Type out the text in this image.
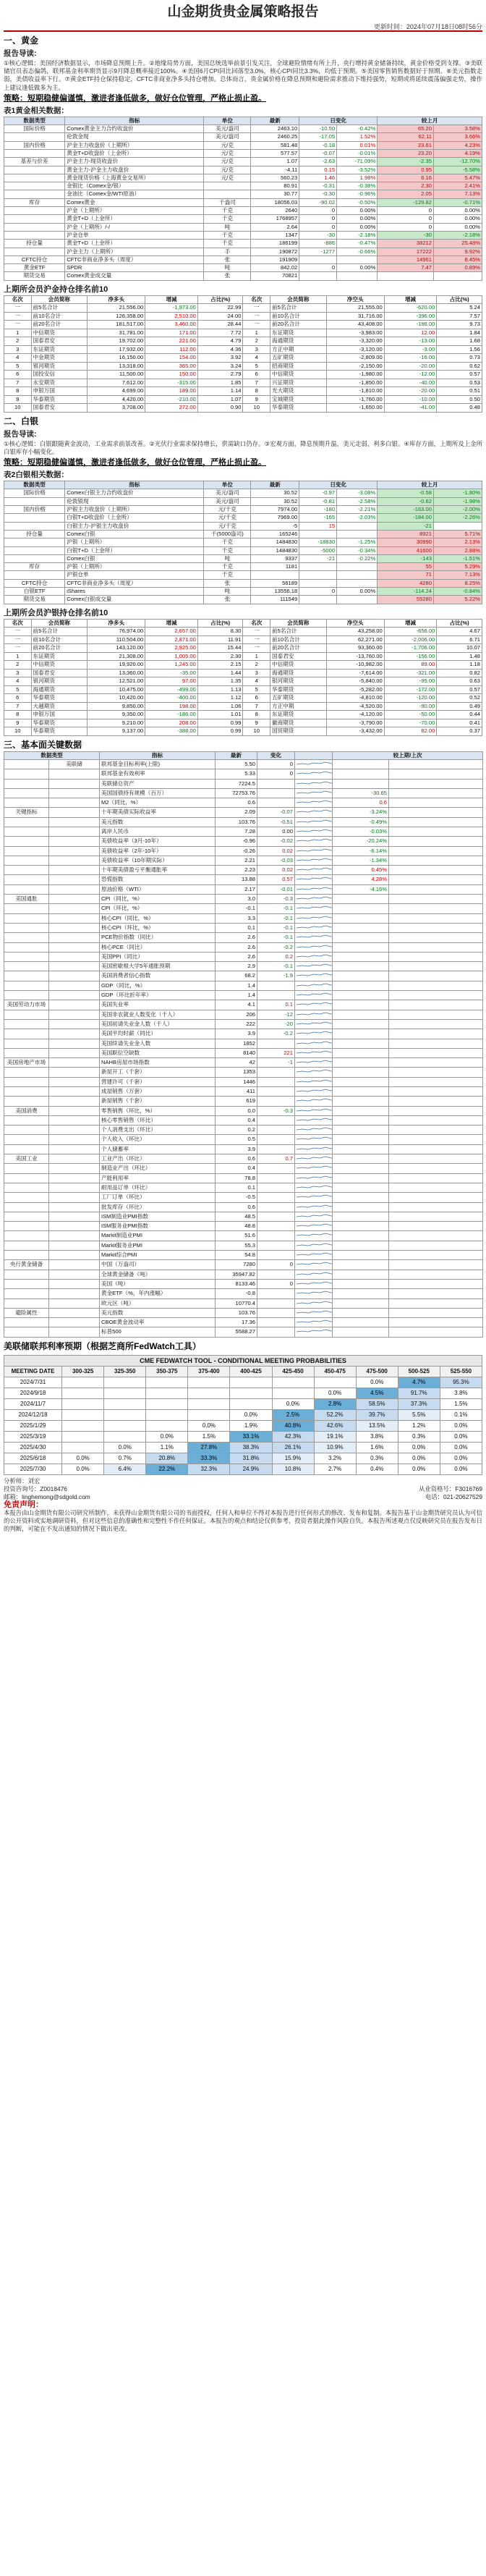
山金期货贵金属策略报告
更新时间：2024年07月18日08时56分
一、黄金
报告导读:

①核心逻辑：美国经济数据显示，市场降息预期上升。②地缘局势方面，美国总统选举前景引发关注，全球避险情绪有所上升，央行增持黄金储备持续，黄金价格受到支撑。③美联储官员表态偏鸽，联邦基金利率期货显示9月降息概率接近100%。④美国6月CPI同比回落至3.0%，核心CPI同比3.3%，均低于预期。⑤美国零售销售数据好于预期。⑥美元指数走弱，美债收益率下行。⑦黄金ETF持仓保持稳定，CFTC非商业净多头持仓增加。总体而言，贵金属价格在降息预期和避险需求推动下维持强势，短期或将延续震荡偏强走势，操作上建议逢低做多为主。

策略：短期稳健偏谨慎，激进者逢低做多，做好仓位管理，严格止损止盈。
表1黄金相关数据：
数据类型	指标	单位	最新	日变化		较上月	
国际价格	Comex黄金主力合约收盘价	美元/盎司	2463.10	-10.50	-0.42%	65.20	3.58%
	伦敦金现	美元/盎司	2460.25	-17.05	1.52%	62.11	3.66%
国内价格	沪金主力收盘价（上期所）	元/克	581.48	-0.18	0.01%	23.61	4.23%
	黄金T+D收盘价（上金所）	元/克	577.57	-0.07	-0.01%	23.20	4.19%
基差与价差	沪金主力-现货收盘价	元/克	1.07	-2.63	-71.09%	-2.35	-12.70%
	黄金主力-沪金主力收盘价	元/克	-4.11	0.15	-3.52%	0.95	-5.58%
	黄金现货价格（上海黄金交易所）	元/克	560.23	1.46	1.98%	6.16	5.47%
	金银比（Comex金/银）		80.91	-0.31	-0.38%	2.30	2.41%
	金油比（Comex金/WTI原油）		30.77	-0.30	-0.96%	2.05	7.13%
库存	Comex黄金	千盎司	18056.03	-90.02	-0.50%	-129.82	-0.71%
	沪金（上期所）	千克	2640	0	0.00%	0	0.00%
	黄金T+D（上金所）	千克	1768957	0	0.00%	0	0.00%
	沪金（上期所）/-/	吨	2.64	0	0.00%	0	0.00%
	沪金仓单	千克	1347	-30	-2.18%	-30	-2.18%
持仓量	黄金T+D（上金所）	千克	186199	-886	-0.47%	38212	25.48%
	沪金主力（上期所）	手	190872	-1277	-0.66%	17222	9.92%
CFTC持仓	CFTC非商业净多头（周度）	张	191909			14961	8.45%
黄金ETF	SPDR	吨	842.02	0	0.00%	7.47	0.89%
期货交易	Comex黄金成交量	张	70821				
上期所会员沪金持仓排名前10
名次	会员简称	净多头	增减	占比(%)	名次	会员简称	净空头	增减	占比(%)
一	前5名合计	21,556.00	-1,973.00	22.99	一	前5名合计	21,555.00	-620.00	5.24
一	前10名合计	126,358.00	2,510.00	24.00	一	前10名合计	31,716.00	-396.00	7.57
一	前20名合计	181,517.00	3,460.00	28.44	一	前20名合计	43,408.00	-196.00	9.73
1	中信期货	31,781.00	171.00	7.72	1	东证期货	-3,983.00	12.00	1.84
2	国泰君安	19,702.00	221.00	4.79	2	海通期货	-3,320.00	-13.00	1.68
3	东证期货	17,932.00	112.00	4.36	3	方正中期	-3,120.00	-3.00	1.56
4	中金期货	16,150.00	154.00	3.92	4	五矿期货	-2,809.00	-16.00	0.73
5	银河期货	13,318.00	365.00	3.24	5	招商期货	-2,150.00	-20.00	0.62
6	国投安信	11,500.00	150.00	2.79	6	中信期货	-1,980.00	-12.00	0.57
7	永安期货	7,612.00	-315.00	1.85	7	兴证期货	-1,850.00	-40.00	0.53
8	申银万国	4,699.00	189.00	1.14	8	光大期货	-1,810.00	-20.00	0.51
9	华泰期货	4,420.00	-210.00	1.07	9	宝城期货	-1,760.00	-10.00	0.50
10	国泰君安	3,708.00	272.00	0.90	10	华泰期货	-1,650.00	-41.00	0.48
二、白银
报告导读:

①核心逻辑：白银跟随黄金波动，工业需求前景改善。②光伏行业需求保持增长，供需缺口仍存。③宏观方面，降息预期升温，美元走弱，利多白银。④库存方面，上期所及上金所白银库存小幅变化。

策略：短期稳健偏谨慎，激进者逢低做多，做好仓位管理，严格止损止盈。
表2白银相关数据：
数据类型	指标	单位	最新	日变化		较上月	
国际价格	Comex白银主力合约收盘价	美元/盎司	30.52	-0.97	-3.08%	-0.58	-1.80%
	伦敦银现	美元/盎司	30.52	-0.81	-2.58%	-0.62	-1.98%
国内价格	沪银主力收盘价（上期所）	元/千克	7974.00	-180	-2.21%	-163.00	-2.00%
	白银T+D收盘价（上金所）	元/千克	7969.00	-165	-2.03%	-184.00	-2.26%
	白银主力-沪银主力收盘价	元/千克	-5	15		-21	
持仓量	Comex白银	千(5000盎司)	165246			8921	5.71%
	沪银（上期所）	千克	1484830	-18830	-1.25%	30990	2.13%
	白银T+D（上金所）	千克	1484830	-5000	-0.34%	41600	2.88%
	Comex白银	吨	9337	-21	-0.22%	-143	-1.51%
库存	沪银（上期所）	千克	1181			55	5.29%
	沪银仓单	千克				71	7.13%
CFTC持仓	CFTC非商业净多头（周度）	张	56189			4280	8.25%
白银ETF	iShares	吨	13556.18	0	0.00%	-114.24	-0.84%
期货交易	Comex白银成交量	张	111549			55280	5.22%
上期所会员沪银持仓排名前10
名次	会员简称	净多头	增减	占比(%)	名次	会员简称	净空头	增减	占比(%)
一	前5名合计	76,974.00	2,657.00	8.30	一	前5名合计	43,258.00	-656.00	4.67
一	前10名合计	110,504.00	2,871.00	11.91	一	前10名合计	62,271.00	-2,006.00	6.71
一	前20名合计	143,120.00	2,925.00	15.44	一	前20名合计	93,360.00	-1,706.00	10.07
1	东证期货	21,308.00	1,005.00	2.30	1	国泰君安	-13,760.00	-156.00	1.48
2	中信期货	19,920.00	1,245.00	2.15	2	中信期货	-10,982.00	89.00	1.18
3	国泰君安	13,360.00	-35.00	1.44	3	海通期货	-7,614.00	-321.00	0.82
4	银河期货	12,521.00	97.00	1.35	4	银河期货	-5,840.00	-95.00	0.63
5	海通期货	10,475.00	-499.00	1.13	5	华泰期货	-5,282.00	-172.00	0.57
6	华泰期货	10,420.00	-400.00	1.12	6	五矿期货	-4,810.00	-120.00	0.52
7	大越期货	9,850.00	198.00	1.06	7	方正中期	-4,520.00	-90.00	0.49
8	申银万国	9,350.00	-186.00	1.01	8	东证期货	-4,120.00	-50.00	0.44
9	华泰期货	9,210.00	208.00	0.99	9	徽商期货	-3,790.00	-70.00	0.41
10	华泰期货	9,137.00	-388.00	0.99	10	国贸期货	-3,432.00	82.00	0.37
三、基本面关键数据
数据类型		指标	最新	变化		较上期/上次	
	美联储	联邦基金目标利率(上限)	5.50	0			
		联邦基金有效利率	5.33	0			
		美联储总资产	7224.5				
		美国国债持有规模（百万）	72753.76			-30.65	
		M2（同比，%）	0.6			0.6	
关键指标		十年期美债实际收益率	2.09	-0.07		-3.24%	
		美元指数	103.76	-0.51		-0.49%	
		离岸人民币	7.28	0.00		-0.03%	
		美债收益率（3月-10年）	-0.96	-0.02		-20.24%	
		美债收益率（2年-10年）	-0.26	0.02		-6.14%	
		美债收益率（10年期实际）	2.21	-0.03		-1.34%	
		十年期美债盈亏平衡通胀率	2.23	0.02		0.45%	
		恐慌指数	13.88	0.57		4.28%	
		原油价格（WTI）	2.17	-0.01		-4.16%	
美国通胀		CPI（同比，%）	3.0	-0.3			
		CPI（环比，%）	-0.1	-0.1			
		核心CPI（同比，%）	3.3	-0.1			
		核心CPI（环比，%）	0.1	-0.1			
		PCE物价指数（同比）	2.6	-0.1			
		核心PCE（同比）	2.6	-0.2			
		美国PPI（同比）	2.6	0.2			
		美国密歇根大学5年通胀预期	2.9	-0.1			
		美国消费者信心指数	68.2	-1.9			
		GDP（同比，%）	1.4				
		GDP（环比折年率）	1.4				
美国劳动力市场		美国失业率	4.1	0.1			
		美国非农就业人数变化（千人）	206	-12			
		美国初请失业金人数（千人）	222	-20			
		美国平均时薪（同比）	3.9	-0.2			
		美国续请失业金人数	1852				
		美国职位空缺数	8140	221			
美国房地产市场		NAHB房屋市场指数	42	-1			
		新屋开工（千套）	1353				
		营建许可（千套）	1446				
		成屋销售（万套）	411				
		新屋销售（千套）	619				
美国消费		零售销售（环比，%）	0.0	-0.3			
		核心零售销售（环比）	0.4				
		个人消费支出（环比）	0.2				
		个人收入（环比）	0.5				
		个人储蓄率	3.9				
美国工业		工业产出（环比）	0.6	0.7			
		制造业产出（环比）	0.4				
		产能利用率	78.8				
		耐用品订单（环比）	0.1				
		工厂订单（环比）	-0.5				
		批发库存（环比）	0.6				
		ISM制造业PMI指数	48.5				
		ISM服务业PMI指数	48.8				
		Markit制造业PMI	51.6				
		Markit服务业PMI	55.3				
		Markit综合PMI	54.8				
央行黄金储备		中国（万盎司）	7280	0			
		全球黄金储备（吨）	35947.82				
		美国（吨）	8133.46	0			
		黄金ETF（%，年内涨幅）	-0.8				
		欧元区（吨）	10770.4				
避险属性		美元指数	103.76				
		CBOE黄金波动率	17.36				
		标普500	5588.27				
美联储联邦利率预期（根据芝商所FedWatch工具）
CME FEDWATCH TOOL - CONDITIONAL MEETING PROBABILITIES										
MEETING DATE	300-325	325-350	350-375	375-400	400-425	425-450	450-475	475-500	500-525	525-550
2024/7/31								0.0%	4.7%	95.3%
2024/9/18							0.0%	4.5%	91.7%	3.8%
2024/11/7						0.0%	2.8%	58.5%	37.3%	1.5%
2024/12/18					0.0%	2.5%	52.2%	39.7%	5.5%	0.1%
2025/1/29				0.0%	1.9%	40.8%	42.6%	13.5%	1.2%	0.0%
2025/3/19			0.0%	1.5%	33.1%	42.3%	19.1%	3.8%	0.3%	0.0%
2025/4/30		0.0%	1.1%	27.8%	38.3%	26.1%	10.9%	1.6%	0.0%	0.0%
2025/6/18	0.0%	0.7%	20.8%	33.3%	31.8%	15.9%	3.2%	0.3%	0.0%	0.0%
2025/7/30	0.0%	6.4%	22.2%	32.3%	24.9%	10.8%	2.7%	0.4%	0.0%	0.0%
分析师：刘宏
投资咨询号：Z0018476	从业资格号：F3016769
邮箱：linghemong@sdgold.com	电话：021-20627529
免责声明：

本报告由山金期货有限公司研究所制作，未获得山金期货有限公司的书面授权，任何人和单位不得对本报告进行任何形式的修改、发布和复制。本报告基于山金期货研究员认为可信的公开资料或实地调研资料，但对这些信息的准确性和完整性不作任何保证。本报告的观点和结论仅供参考，投资者据此操作风险自负。本报告所述观点仅反映研究员在报告发布日的判断，可能在不发出通知的情况下做出更改。
